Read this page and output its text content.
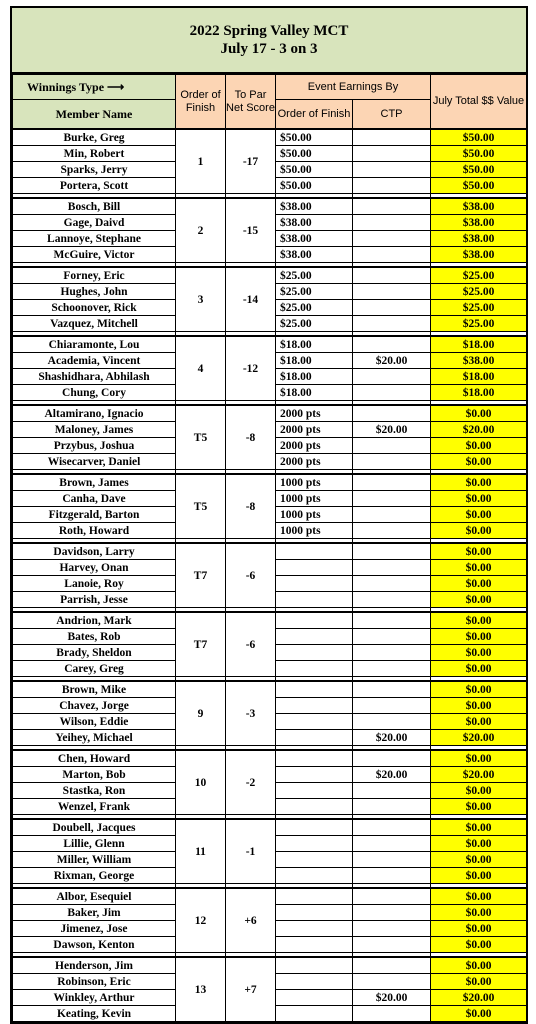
2022 Spring Valley MCT
July 17 - 3 on 3
Winnings Type ⟶	Order of Finish	To Par Net Score	Event Earnings By		July Total $$ Value
Member Name			Order of Finish	CTP	
Burke, Greg	1	-17	$50.00		$50.00
Min, Robert			$50.00		$50.00
Sparks, Jerry			$50.00		$50.00
Portera, Scott			$50.00		$50.00

Bosch, Bill	2	-15	$38.00		$38.00
Gage, Daivd			$38.00		$38.00
Lannoye, Stephane			$38.00		$38.00
McGuire, Victor			$38.00		$38.00

Forney, Eric	3	-14	$25.00		$25.00
Hughes, John			$25.00		$25.00
Schoonover, Rick			$25.00		$25.00
Vazquez, Mitchell			$25.00		$25.00

Chiaramonte, Lou	4	-12	$18.00		$18.00
Academia, Vincent			$18.00	$20.00	$38.00
Shashidhara, Abhilash			$18.00		$18.00
Chung, Cory			$18.00		$18.00

Altamirano, Ignacio	T5	-8	2000 pts		$0.00
Maloney, James			2000 pts	$20.00	$20.00
Przybus, Joshua			2000 pts		$0.00
Wisecarver, Daniel			2000 pts		$0.00

Brown, James	T5	-8	1000 pts		$0.00
Canha, Dave			1000 pts		$0.00
Fitzgerald, Barton			1000 pts		$0.00
Roth, Howard			1000 pts		$0.00

Davidson, Larry	T7	-6			$0.00
Harvey, Onan					$0.00
Lanoie, Roy					$0.00
Parrish, Jesse					$0.00

Andrion, Mark	T7	-6			$0.00
Bates, Rob					$0.00
Brady, Sheldon					$0.00
Carey, Greg					$0.00

Brown, Mike	9	-3			$0.00
Chavez, Jorge					$0.00
Wilson, Eddie					$0.00
Yeihey, Michael				$20.00	$20.00

Chen, Howard	10	-2			$0.00
Marton, Bob				$20.00	$20.00
Stastka, Ron					$0.00
Wenzel, Frank					$0.00

Doubell, Jacques	11	-1			$0.00
Lillie, Glenn					$0.00
Miller, William					$0.00
Rixman, George					$0.00

Albor, Esequiel	12	+6			$0.00
Baker, Jim					$0.00
Jimenez, Jose					$0.00
Dawson, Kenton					$0.00

Henderson, Jim	13	+7			$0.00
Robinson, Eric					$0.00
Winkley, Arthur				$20.00	$20.00
Keating, Kevin					$0.00
